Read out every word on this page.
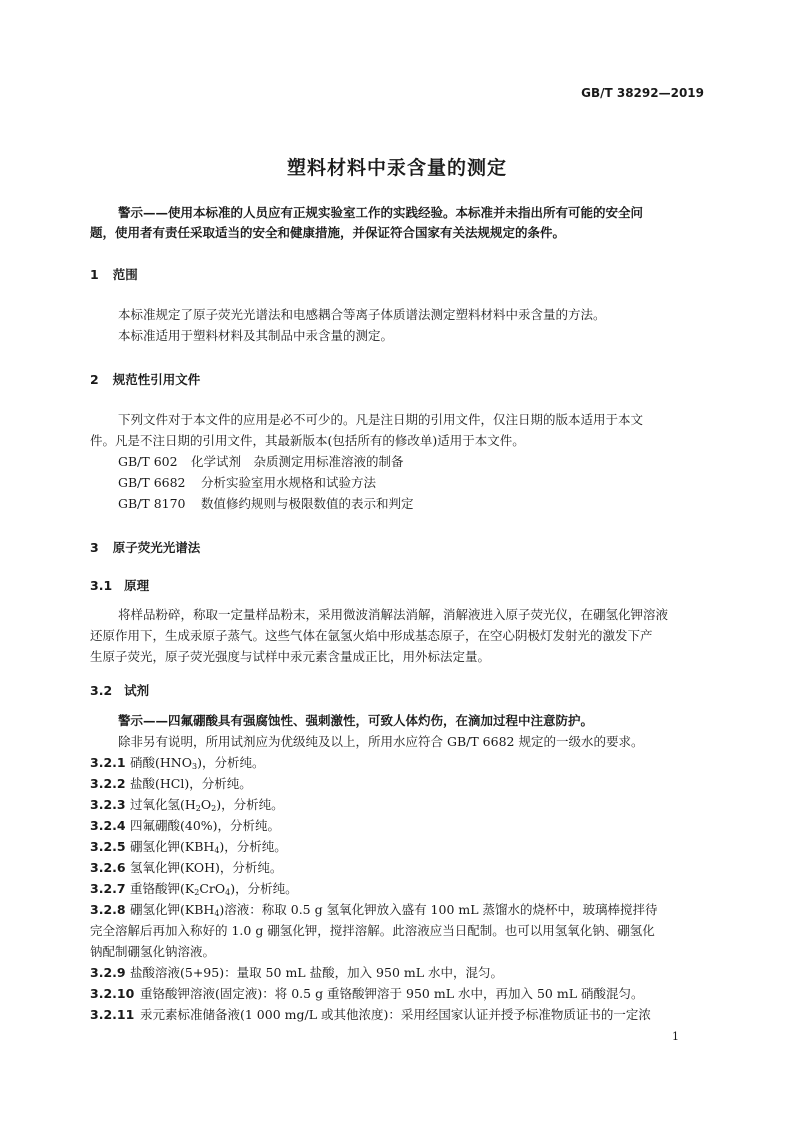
GB/T 38292—2019
塑料材料中汞含量的测定
警示——使用本标准的人员应有正规实验室工作的实践经验。本标准并未指出所有可能的安全问
题，使用者有责任采取适当的安全和健康措施，并保证符合国家有关法规规定的条件。
1 范围
本标准规定了原子荧光光谱法和电感耦合等离子体质谱法测定塑料材料中汞含量的方法。
本标准适用于塑料材料及其制品中汞含量的测定。
2 规范性引用文件
下列文件对于本文件的应用是必不可少的。凡是注日期的引用文件，仅注日期的版本适用于本文
件。凡是不注日期的引用文件，其最新版本(包括所有的修改单)适用于本文件。
GB/T 602 化学试剂　杂质测定用标准溶液的制备
GB/T 6682 分析实验室用水规格和试验方法
GB/T 8170 数值修约规则与极限数值的表示和判定
3 原子荧光光谱法
3.1 原理
将样品粉碎，称取一定量样品粉末，采用微波消解法消解，消解液进入原子荧光仪，在硼氢化钾溶液
还原作用下，生成汞原子蒸气。这些气体在氩氢火焰中形成基态原子，在空心阴极灯发射光的激发下产
生原子荧光，原子荧光强度与试样中汞元素含量成正比，用外标法定量。
3.2 试剂
警示——四氟硼酸具有强腐蚀性、强刺激性，可致人体灼伤，在滴加过程中注意防护。
除非另有说明，所用试剂应为优级纯及以上，所用水应符合 GB/T 6682 规定的一级水的要求。
3.2.1 硝酸$(HNO_3)$，分析纯。
3.2.2 盐酸(HCl)，分析纯。
3.2.3 过氧化氢$(H_2O_2)$，分析纯。
3.2.4 四氟硼酸(40%)，分析纯。
3.2.5 硼氢化钾$(KBH_4)$，分析纯。
3.2.6 氢氧化钾(KOH)，分析纯。
3.2.7 重铬酸钾$(K_2CrO_4)$，分析纯。
3.2.8 硼氢化钾$(KBH_4)$溶液：称取 0.5 g 氢氧化钾放入盛有 100 mL 蒸馏水的烧杯中，玻璃棒搅拌待
完全溶解后再加入称好的 1.0 g 硼氢化钾，搅拌溶解。此溶液应当日配制。也可以用氢氧化钠、硼氢化
钠配制硼氢化钠溶液。
3.2.9 盐酸溶液(5+95)：量取 50 mL 盐酸，加入 950 mL 水中，混匀。
3.2.10 重铬酸钾溶液(固定液)：将 0.5 g 重铬酸钾溶于 950 mL 水中，再加入 50 mL 硝酸混匀。
3.2.11 汞元素标准储备液(1 000 mg/L 或其他浓度)：采用经国家认证并授予标准物质证书的一定浓
1
